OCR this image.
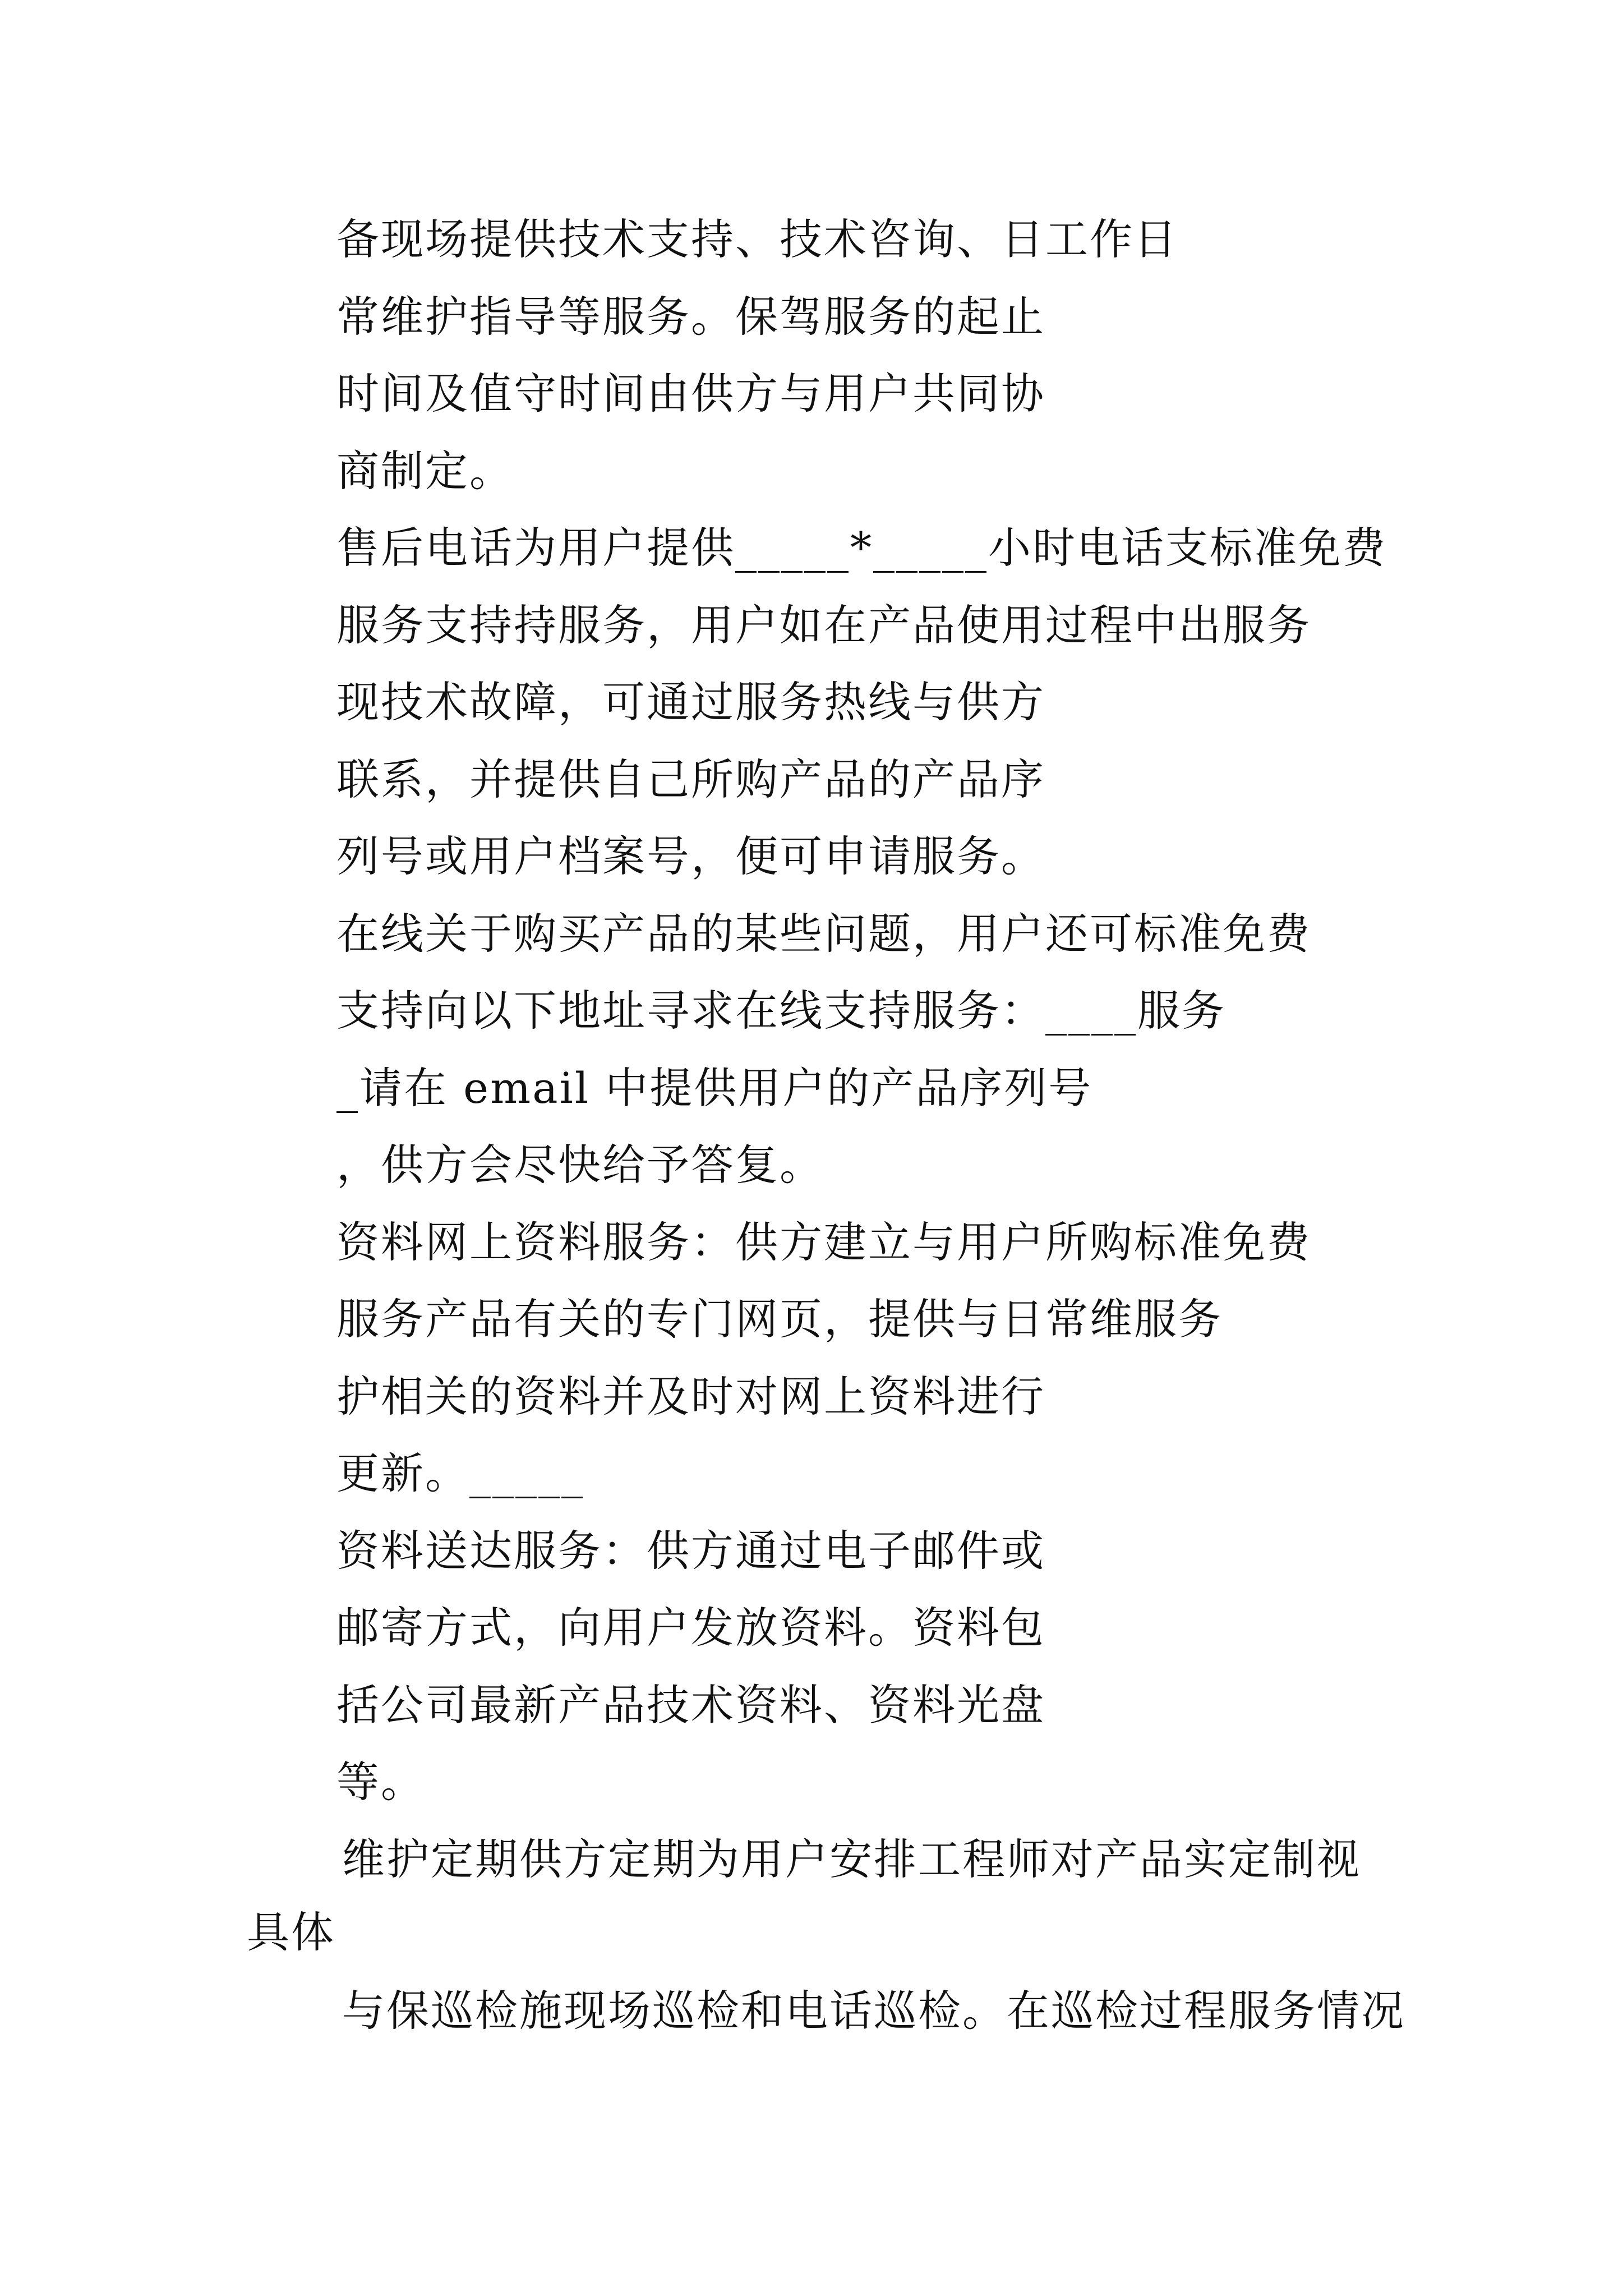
备现场提供技术支持、技术咨询、日工作日
常维护指导等服务。保驾服务的起止
时间及值守时间由供方与用户共同协
商制定。
售后电话为用户提供_____*_____小时电话支标准免费
服务支持持服务，用户如在产品使用过程中出服务
现技术故障，可通过服务热线与供方
联系，并提供自己所购产品的产品序
列号或用户档案号，便可申请服务。
在线关于购买产品的某些问题，用户还可标准免费
支持向以下地址寻求在线支持服务：____服务
_请在 email 中提供用户的产品序列号
，供方会尽快给予答复。
资料网上资料服务：供方建立与用户所购标准免费
服务产品有关的专门网页，提供与日常维服务
护相关的资料并及时对网上资料进行
更新。_____
资料送达服务：供方通过电子邮件或
邮寄方式，向用户发放资料。资料包
括公司最新产品技术资料、资料光盘
等。
维护定期供方定期为用户安排工程师对产品实定制视
具体
与保巡检施现场巡检和电话巡检。在巡检过程服务情况
